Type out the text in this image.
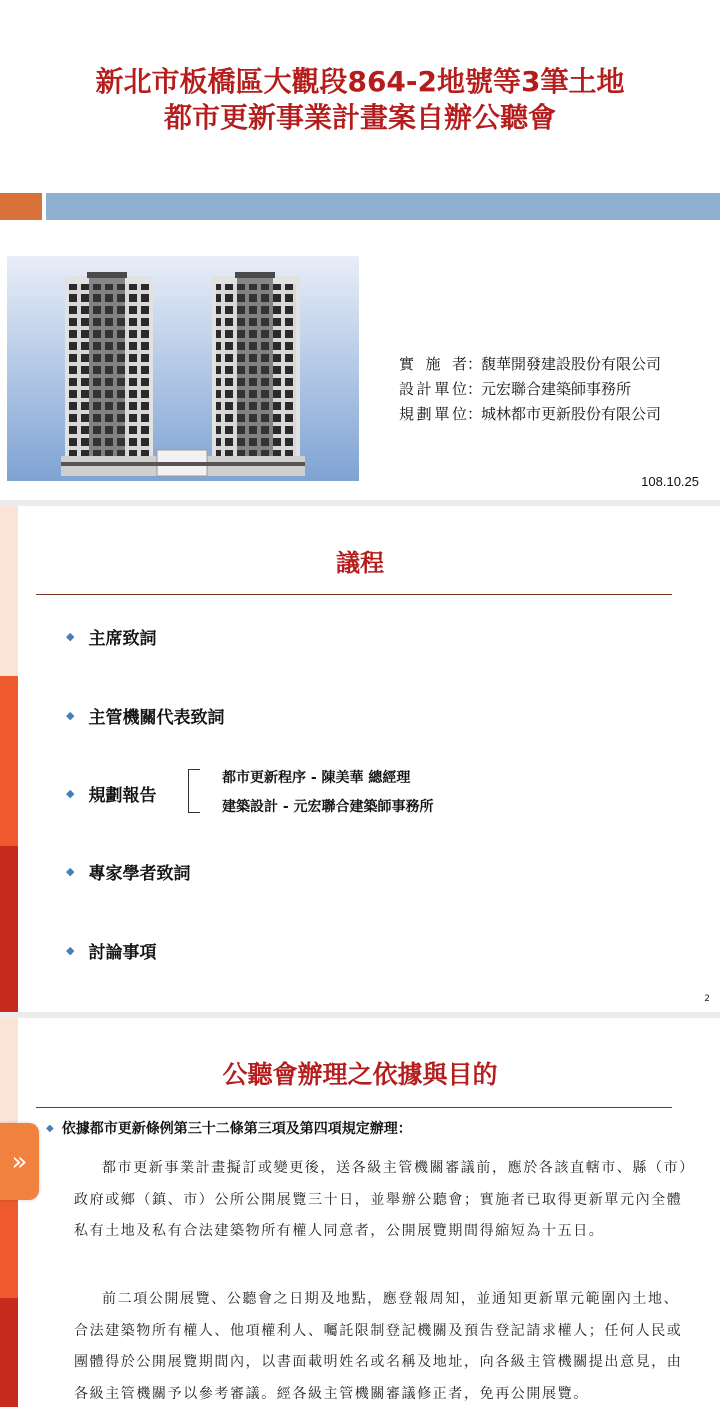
新北市板橋區大觀段864-2地號等3筆土地
都市更新事業計畫案自辦公聽會
實施者 ：
馥華開發建設股份有限公司
設計單位 ：
元宏聯合建築師事務所
規劃單位 ：
城林都市更新股份有限公司
108.10.25
議程
◆ 主席致詞
◆ 主管機關代表致詞
◆ 規劃報告
都市更新程序 - 陳美華 總經理
建築設計 - 元宏聯合建築師事務所
◆ 專家學者致詞
◆ 討論事項
2
公聽會辦理之依據與目的
◆ 依據都市更新條例第三十二條第三項及第四項規定辦理：
都市更新事業計畫擬訂或變更後，送各級主管機關審議前，應於各該直轄市、縣（市）政府或鄉（鎮、市）公所公開展覽三十日，並舉辦公聽會；實施者已取得更新單元內全體私有土地及私有合法建築物所有權人同意者，公開展覽期間得縮短為十五日。
前二項公開展覽、公聽會之日期及地點，應登報周知，並通知更新單元範圍內土地、合法建築物所有權人、他項權利人、囑託限制登記機關及預告登記請求權人；任何人民或團體得於公開展覽期間內，以書面載明姓名或名稱及地址，向各級主管機關提出意見，由各級主管機關予以參考審議。經各級主管機關審議修正者，免再公開展覽。
»
